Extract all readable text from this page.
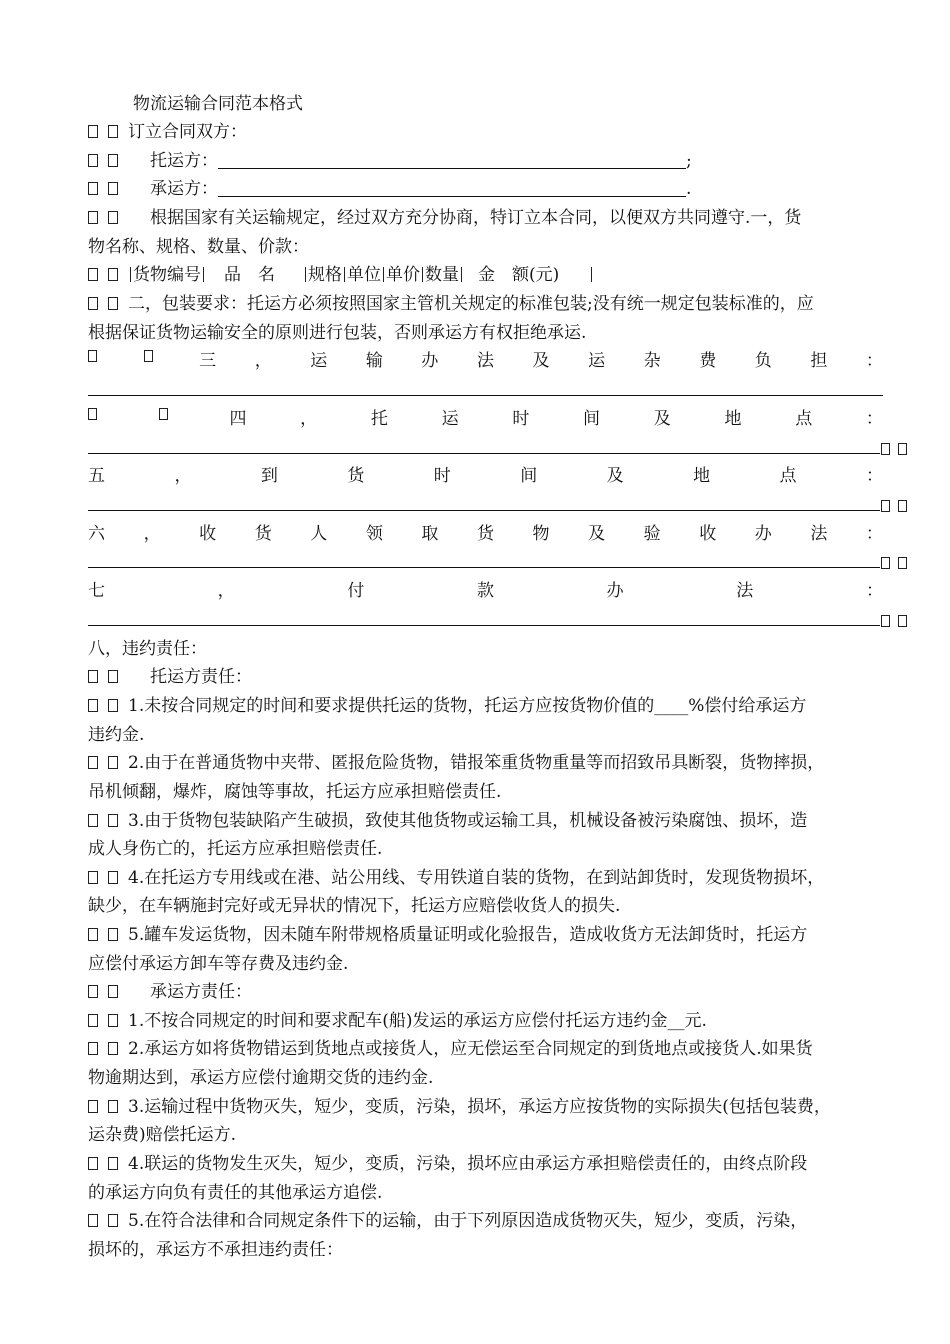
物流运输合同范本格式
订立合同双方：
托运方：	;
承运方：	.
根据国家有关运输规定，经过双方充分协商，特订立本合同，以便双方共同遵守.一，货
物名称、规格、数量、价款：
货物编号 品　名 规格 单位 单价 数量 金　额(元)
二，包装要求：托运方必须按照国家主管机关规定的标准包装;没有统一规定包装标准的，应
根据保证货物运输安全的原则进行包装，否则承运方有权拒绝承运.
三 ， 运 输 办 法 及 运 杂 费 负 担 ：
四	，	托	运	时	间	及	地	点	：
五	，	到	货	时	间	及	地	点	：
六 ， 收 货 人 领 取 货 物 及 验 收 办 法 ：
七	，	付	款	办	法	：
八，违约责任：
托运方责任：
1.未按合同规定的时间和要求提供托运的货物，托运方应按货物价值的____%偿付给承运方
违约金.
2.由于在普通货物中夹带、匿报危险货物，错报笨重货物重量等而招致吊具断裂，货物摔损，
吊机倾翻，爆炸，腐蚀等事故，托运方应承担赔偿责任.
3.由于货物包装缺陷产生破损，致使其他货物或运输工具，机械设备被污染腐蚀、损坏，造
成人身伤亡的，托运方应承担赔偿责任.
4.在托运方专用线或在港、站公用线、专用铁道自装的货物，在到站卸货时，发现货物损坏，
缺少，在车辆施封完好或无异状的情况下，托运方应赔偿收货人的损失.
5.罐车发运货物，因未随车附带规格质量证明或化验报告，造成收货方无法卸货时，托运方
应偿付承运方卸车等存费及违约金.
承运方责任：
1.不按合同规定的时间和要求配车(船)发运的承运方应偿付托运方违约金__元.
2.承运方如将货物错运到货地点或接货人，应无偿运至合同规定的到货地点或接货人.如果货
物逾期达到，承运方应偿付逾期交货的违约金.
3.运输过程中货物灭失，短少，变质，污染，损坏，承运方应按货物的实际损失(包括包装费，
运杂费)赔偿托运方.
4.联运的货物发生灭失，短少，变质，污染，损坏应由承运方承担赔偿责任的，由终点阶段
的承运方向负有责任的其他承运方追偿.
5.在符合法律和合同规定条件下的运输，由于下列原因造成货物灭失，短少，变质，污染，
损坏的，承运方不承担违约责任：
